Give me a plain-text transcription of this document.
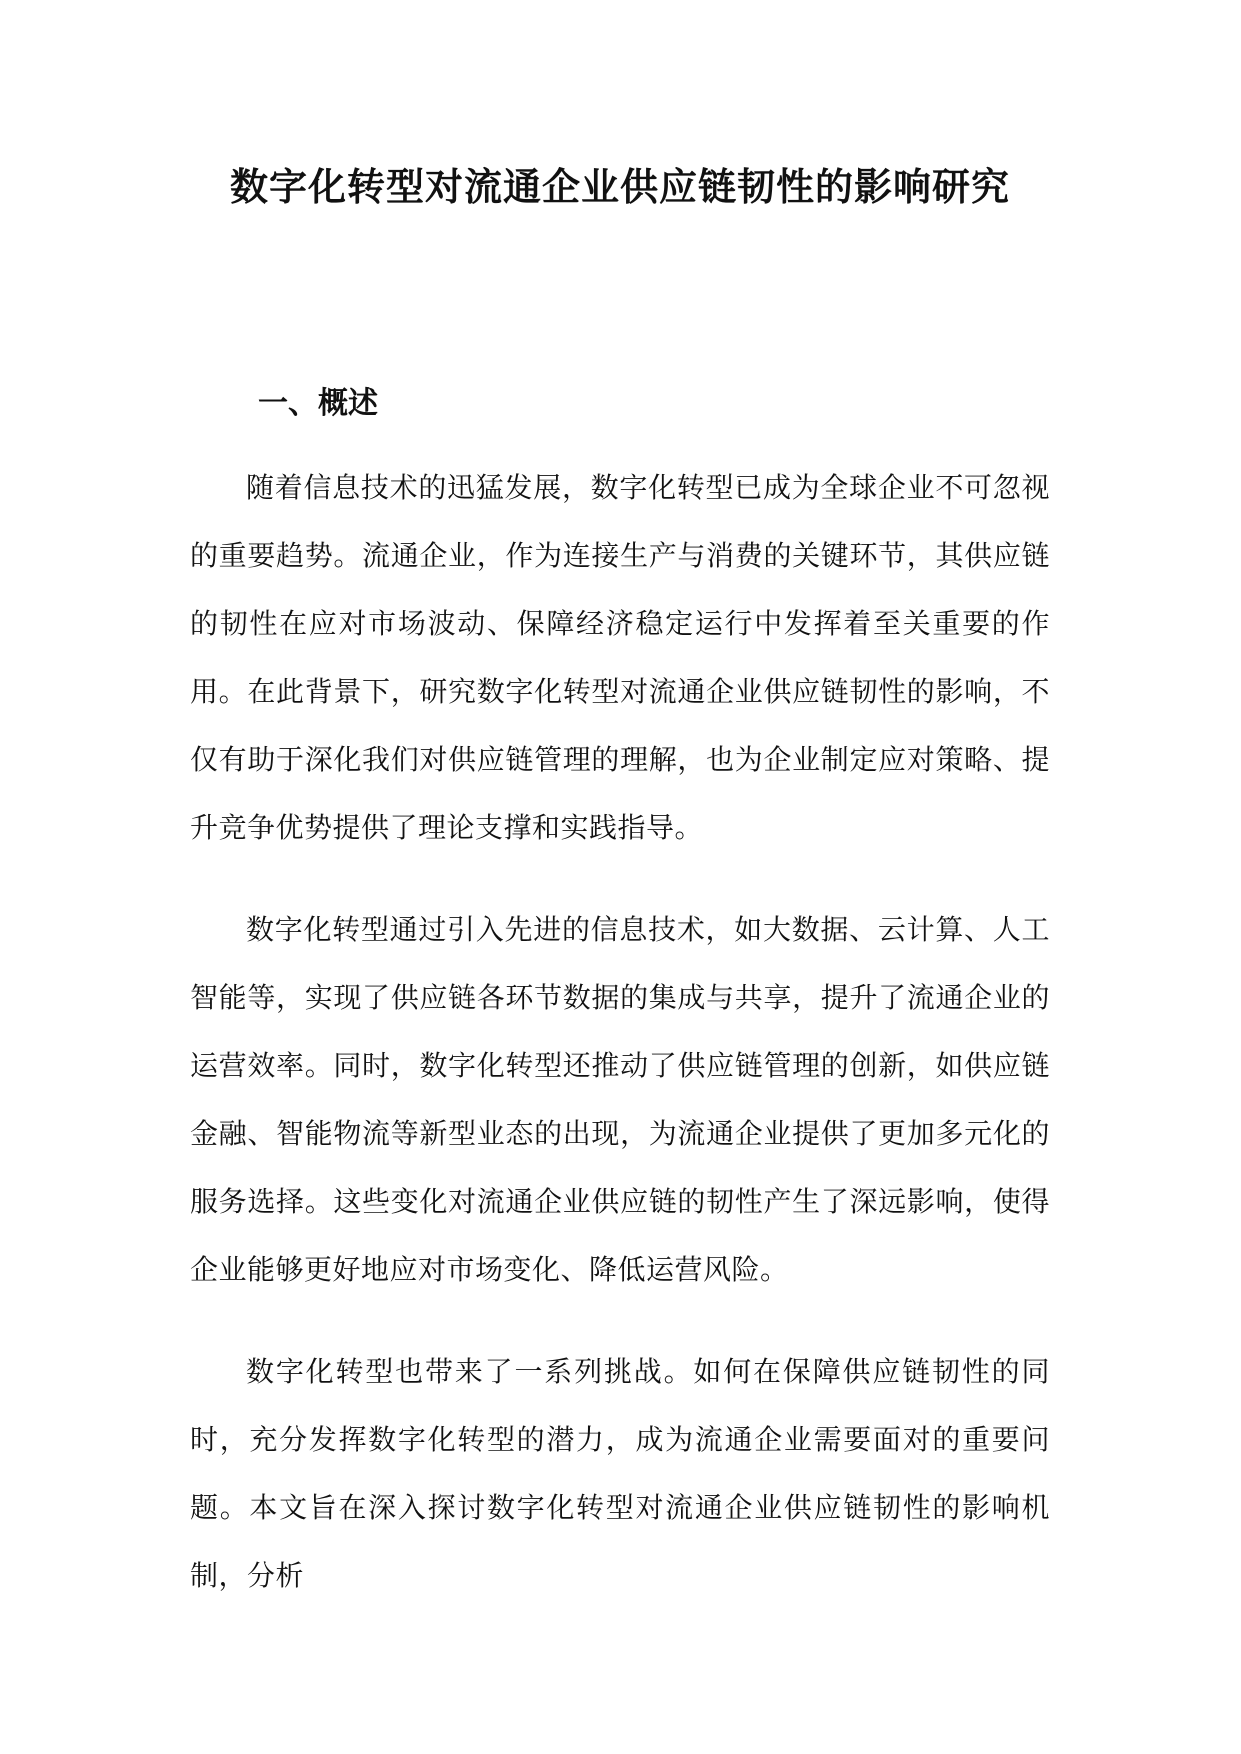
数字化转型对流通企业供应链韧性的影响研究
一、概述

随着信息技术的迅猛发展，数字化转型已成为全球企业不可忽视的重要趋势。流通企业，作为连接生产与消费的关键环节，其供应链的韧性在应对市场波动、保障经济稳定运行中发挥着至关重要的作用。在此背景下，研究数字化转型对流通企业供应链韧性的影响，不仅有助于深化我们对供应链管理的理解，也为企业制定应对策略、提升竞争优势提供了理论支撑和实践指导。

数字化转型通过引入先进的信息技术，如大数据、云计算、人工智能等，实现了供应链各环节数据的集成与共享，提升了流通企业的运营效率。同时，数字化转型还推动了供应链管理的创新，如供应链金融、智能物流等新型业态的出现，为流通企业提供了更加多元化的服务选择。这些变化对流通企业供应链的韧性产生了深远影响，使得企业能够更好地应对市场变化、降低运营风险。

数字化转型也带来了一系列挑战。如何在保障供应链韧性的同时，充分发挥数字化转型的潜力，成为流通企业需要面对的重要问题。本文旨在深入探讨数字化转型对流通企业供应链韧性的影响机制，分析
